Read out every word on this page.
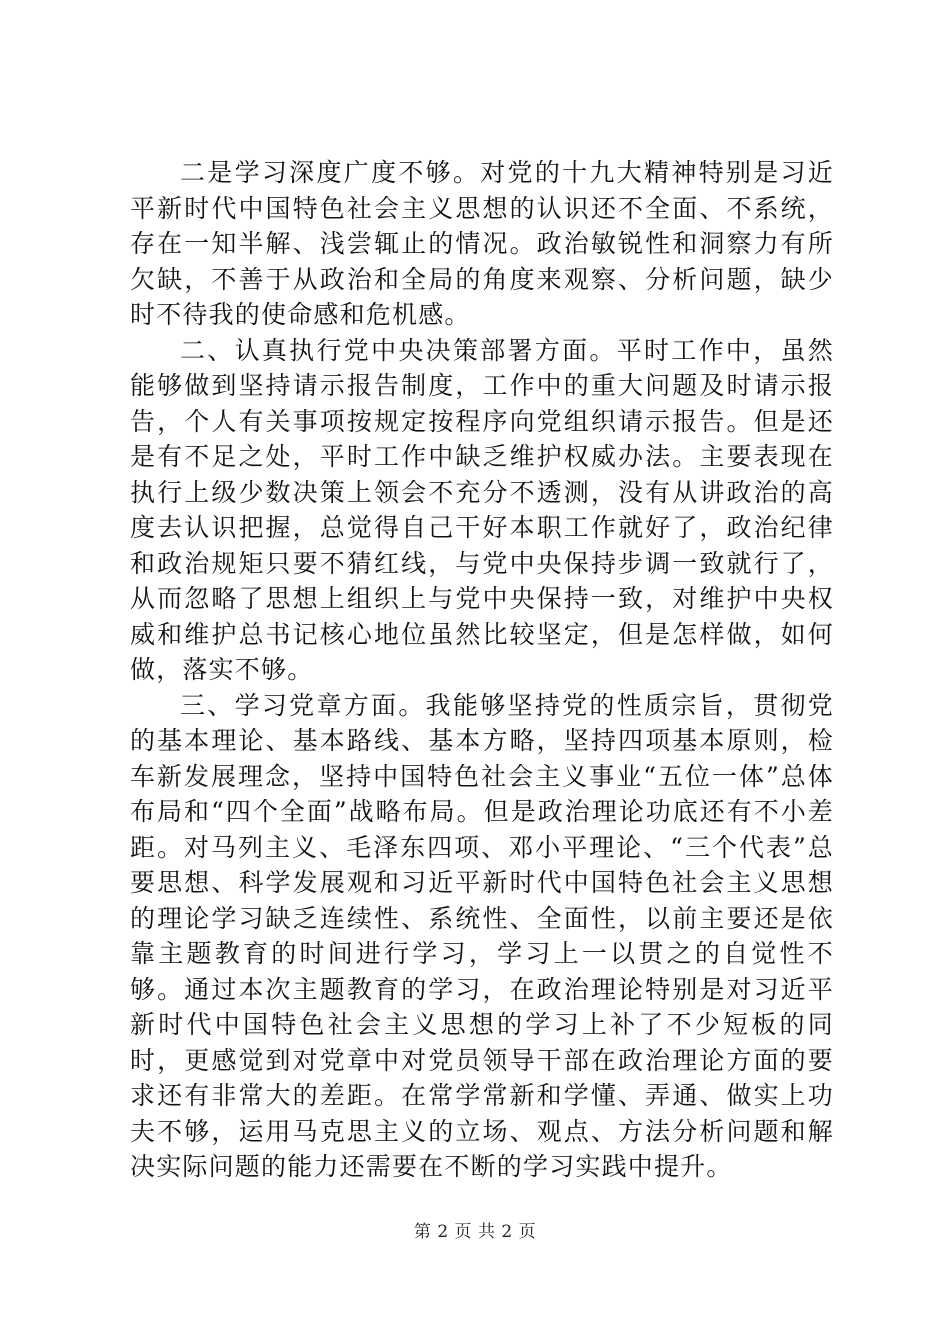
二是学习深度广度不够。对党的十九大精神特别是习近平新时代中国特色社会主义思想的认识还不全面、不系统，存在一知半解、浅尝辄止的情况。政治敏锐性和洞察力有所欠缺，不善于从政治和全局的角度来观察、分析问题，缺少时不待我的使命感和危机感。

二、认真执行党中央决策部署方面。平时工作中，虽然能够做到坚持请示报告制度，工作中的重大问题及时请示报告，个人有关事项按规定按程序向党组织请示报告。但是还是有不足之处，平时工作中缺乏维护权威办法。主要表现在执行上级少数决策上领会不充分不透测，没有从讲政治的高度去认识把握，总觉得自己干好本职工作就好了，政治纪律和政治规矩只要不猜红线，与党中央保持步调一致就行了，从而忽略了思想上组织上与党中央保持一致，对维护中央权威和维护总书记核心地位虽然比较坚定，但是怎样做，如何做，落实不够。

三、学习党章方面。我能够坚持党的性质宗旨，贯彻党的基本理论、基本路线、基本方略，坚持四项基本原则，检车新发展理念，坚持中国特色社会主义事业“五位一体”总体布局和“四个全面”战略布局。但是政治理论功底还有不小差距。对马列主义、毛泽东四项、邓小平理论、“三个代表”总要思想、科学发展观和习近平新时代中国特色社会主义思想的理论学习缺乏连续性、系统性、全面性，以前主要还是依靠主题教育的时间进行学习，学习上一以贯之的自觉性不够。通过本次主题教育的学习，在政治理论特别是对习近平新时代中国特色社会主义思想的学习上补了不少短板的同时，更感觉到对党章中对党员领导干部在政治理论方面的要求还有非常大的差距。在常学常新和学懂、弄通、做实上功夫不够，运用马克思主义的立场、观点、方法分析问题和解决实际问题的能力还需要在不断的学习实践中提升。

第 2 页 共 2 页
